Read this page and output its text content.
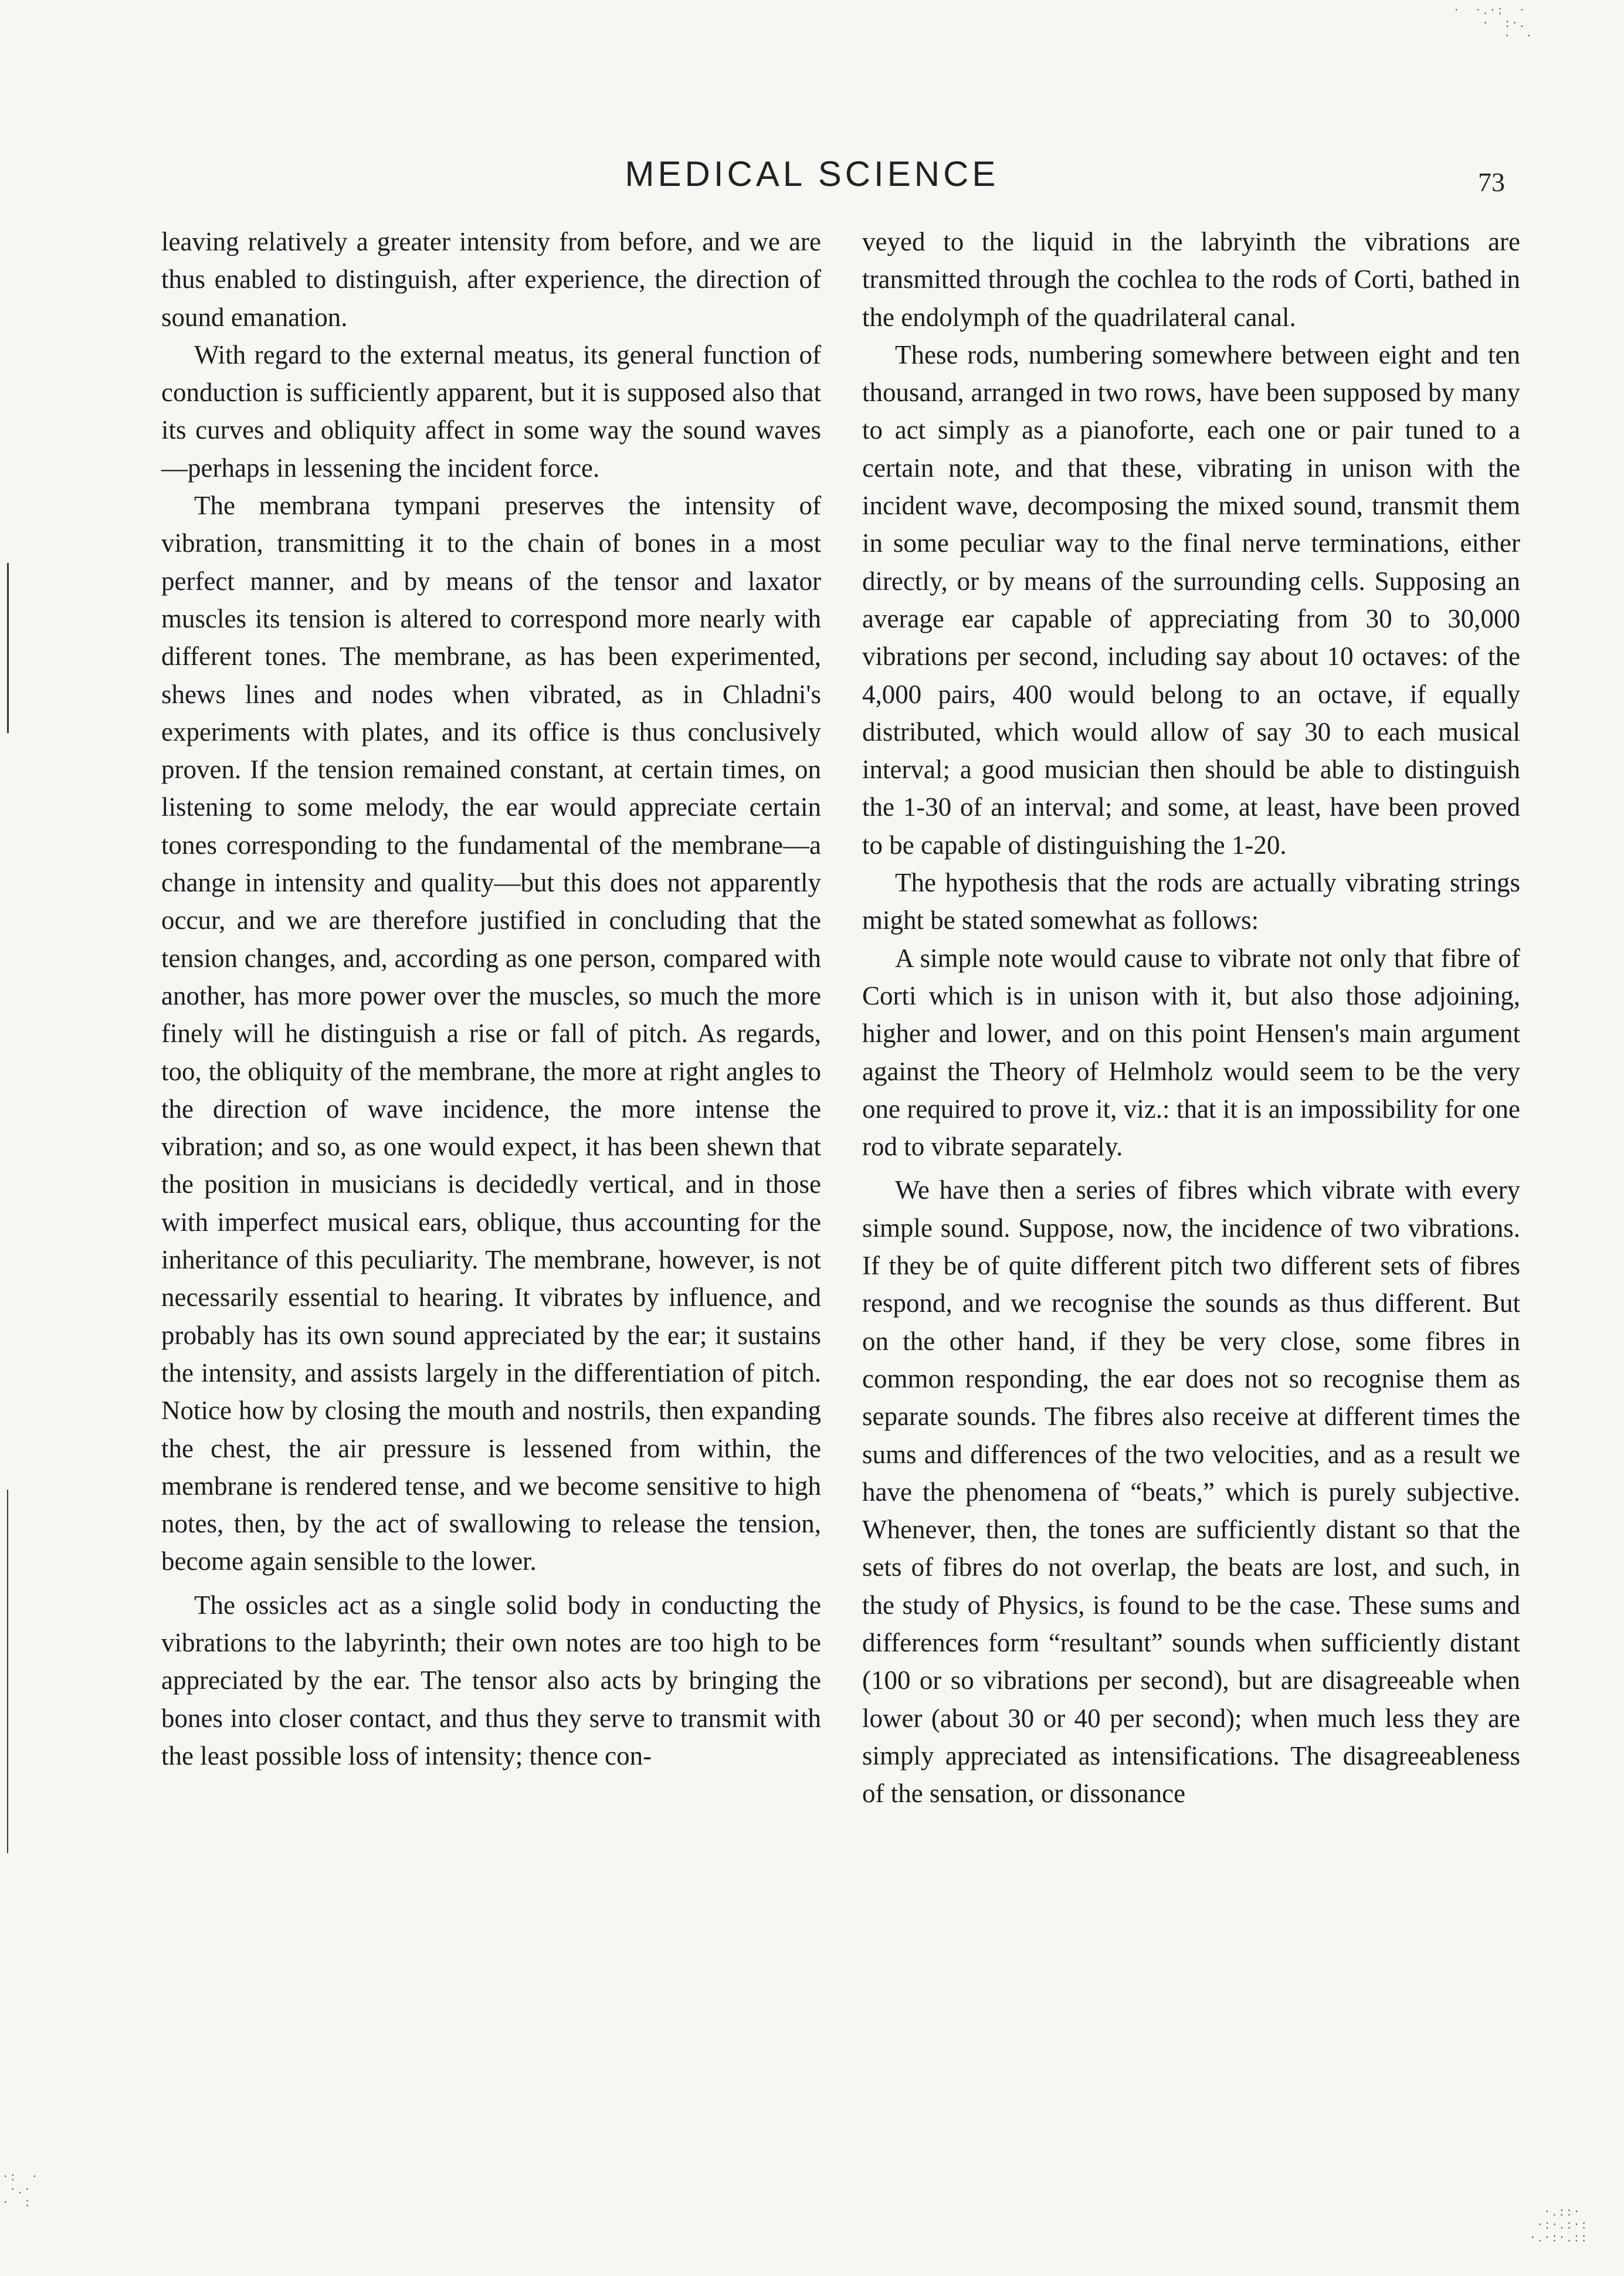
·  ·.·:  ·
·  :·.
·  ·
·:  ·
·.·
·  :
·.::·
·:·.:·:
·.·:·.::
MEDICAL SCIENCE	73

leaving relatively a greater intensity from before, and we are thus enabled to distinguish, after experience, the direction of sound emanation.

With regard to the external meatus, its general function of conduction is sufficiently apparent, but it is supposed also that its curves and obliquity affect in some way the sound waves—perhaps in lessening the incident force.

The membrana tympani preserves the intensity of vibration, transmitting it to the chain of bones in a most perfect manner, and by means of the tensor and laxator muscles its tension is altered to correspond more nearly with different tones. The membrane, as has been experimented, shews lines and nodes when vibrated, as in Chladni's experiments with plates, and its office is thus conclusively proven. If the tension remained constant, at certain times, on listening to some melody, the ear would appreciate certain tones corresponding to the fundamental of the membrane—a change in intensity and quality—but this does not apparently occur, and we are therefore justified in concluding that the tension changes, and, according as one person, compared with another, has more power over the muscles, so much the more finely will he distinguish a rise or fall of pitch. As regards, too, the obliquity of the membrane, the more at right angles to the direction of wave incidence, the more intense the vibration; and so, as one would expect, it has been shewn that the position in musicians is decidedly vertical, and in those with imperfect musical ears, oblique, thus accounting for the inheritance of this peculiarity. The membrane, however, is not necessarily essential to hearing. It vibrates by influence, and probably has its own sound appreciated by the ear; it sustains the intensity, and assists largely in the differentiation of pitch. Notice how by closing the mouth and nostrils, then expanding the chest, the air pressure is lessened from within, the membrane is rendered tense, and we become sensitive to high notes, then, by the act of swallowing to release the tension, become again sensible to the lower.

The ossicles act as a single solid body in conducting the vibrations to the labyrinth; their own notes are too high to be appreciated by the ear. The tensor also acts by bringing the bones into closer contact, and thus they serve to transmit with the least possible loss of intensity; thence con-

veyed to the liquid in the labryinth the vibrations are transmitted through the cochlea to the rods of Corti, bathed in the endolymph of the quadrilateral canal.

These rods, numbering somewhere between eight and ten thousand, arranged in two rows, have been supposed by many to act simply as a pianoforte, each one or pair tuned to a certain note, and that these, vibrating in unison with the incident wave, decomposing the mixed sound, transmit them in some peculiar way to the final nerve terminations, either directly, or by means of the surrounding cells. Supposing an average ear capable of appreciating from 30 to 30,000 vibrations per second, including say about 10 octaves: of the 4,000 pairs, 400 would belong to an octave, if equally distributed, which would allow of say 30 to each musical interval; a good musician then should be able to distinguish the 1-30 of an interval; and some, at least, have been proved to be capable of distinguishing the 1-20.

The hypothesis that the rods are actually vibrating strings might be stated somewhat as follows:

A simple note would cause to vibrate not only that fibre of Corti which is in unison with it, but also those adjoining, higher and lower, and on this point Hensen's main argument against the Theory of Helmholz would seem to be the very one required to prove it, viz.: that it is an impossibility for one rod to vibrate separately.

We have then a series of fibres which vibrate with every simple sound. Suppose, now, the incidence of two vibrations. If they be of quite different pitch two different sets of fibres respond, and we recognise the sounds as thus different. But on the other hand, if they be very close, some fibres in common responding, the ear does not so recognise them as separate sounds. The fibres also receive at different times the sums and differences of the two velocities, and as a result we have the phenomena of “beats,” which is purely subjective. Whenever, then, the tones are sufficiently distant so that the sets of fibres do not overlap, the beats are lost, and such, in the study of Physics, is found to be the case. These sums and differences form “resultant” sounds when sufficiently distant (100 or so vibrations per second), but are disagreeable when lower (about 30 or 40 per second); when much less they are simply appreciated as intensifications. The disagreeableness of the sensation, or dissonance
